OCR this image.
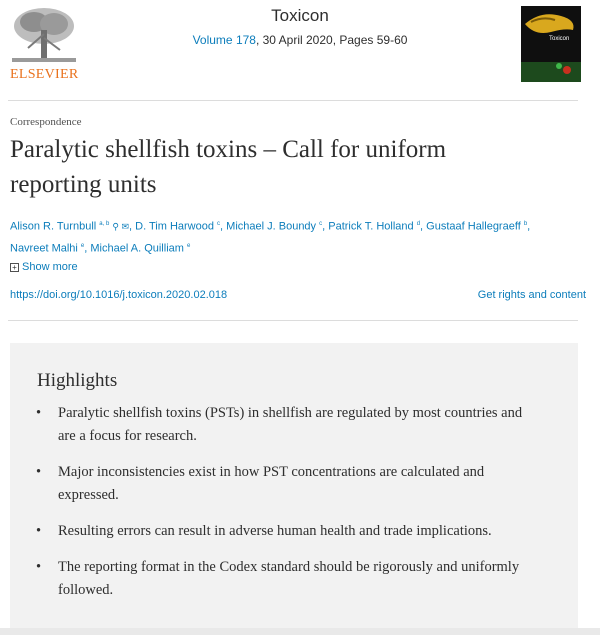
ELSEVIER
Toxicon
Volume 178, 30 April 2020, Pages 59-60	Toxicon
Correspondence
Paralytic shellfish toxins – Call for uniform reporting units
Alison R. Turnbull $^{a, b}$ ⚲ ✉, D. Tim Harwood $^c$, Michael J. Boundy $^c$, Patrick T. Holland $^d$, Gustaaf Hallegraeff $^b$,
Navreet Malhi $^e$, Michael A. Quilliam $^e$
+ Show more
https://doi.org/10.1016/j.toxicon.2020.02.018	Get rights and content
Highlights
• Paralytic shellfish toxins (PSTs) in shellfish are regulated by most countries and are a focus for research.
• Major inconsistencies exist in how PST concentrations are calculated and expressed.
• Resulting errors can result in adverse human health and trade implications.
• The reporting format in the Codex standard should be rigorously and uniformly followed.
